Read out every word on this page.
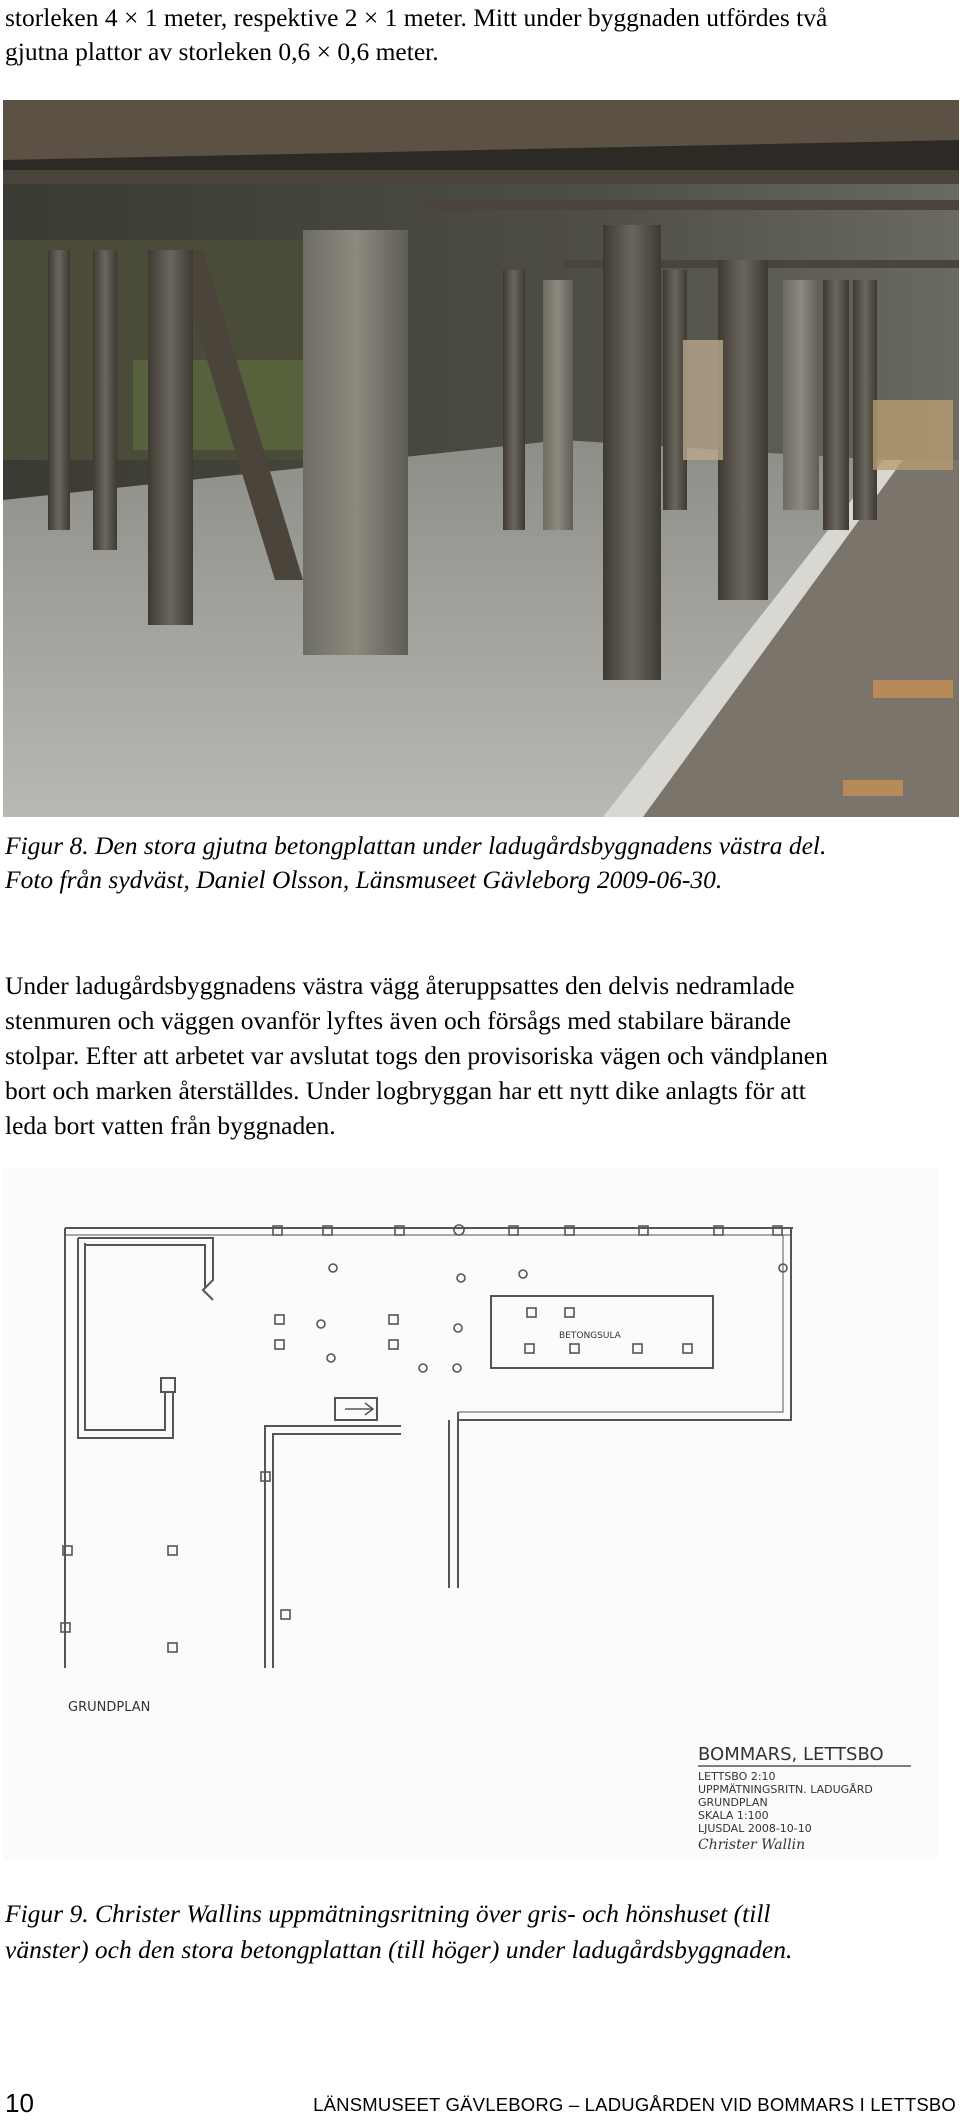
storleken 4 × 1 meter, respektive 2 × 1 meter. Mitt under byggnaden utfördes två

gjutna plattor av storleken 0,6 × 0,6 meter.

Figur 8. Den stora gjutna betongplattan under ladugårdsbyggnadens västra del.

Foto från sydväst, Daniel Olsson, Länsmuseet Gävleborg 2009-06-30.

Under ladugårdsbyggnadens västra vägg återuppsattes den delvis nedramlade

stenmuren och väggen ovanför lyftes även och försågs med stabilare bärande

stolpar. Efter att arbetet var avslutat togs den provisoriska vägen och vändplanen

bort och marken återställdes. Under logbryggan har ett nytt dike anlagts för att

leda bort vatten från byggnaden.

BETONGSULA
GRUNDPLAN
BOMMARS, LETTSBO
LETTSBO 2:10
UPPMÄTNINGSRITN. LADUGÅRD
GRUNDPLAN
SKALA 1:100
LJUSDAL 2008-10-10
Christer Wallin

Figur 9. Christer Wallins uppmätningsritning över gris- och hönshuset (till

vänster) och den stora betongplattan (till höger) under ladugårdsbyggnaden.

10	LÄNSMUSEET GÄVLEBORG – LADUGÅRDEN VID BOMMARS I LETTSBO
